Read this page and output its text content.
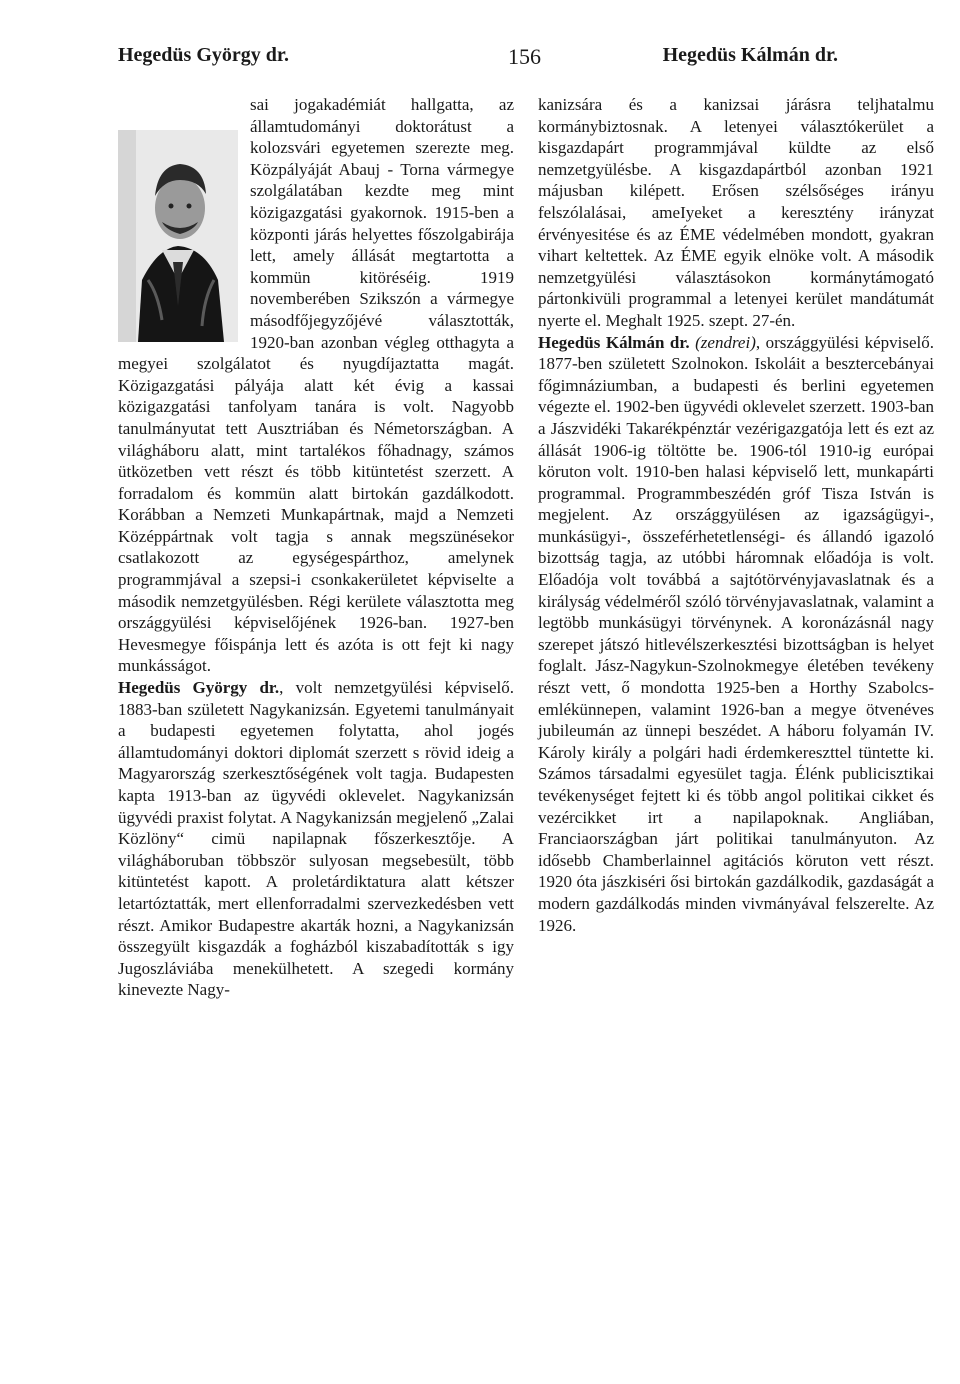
Hegedüs György dr.	156	Hegedüs Kálmán dr.

sai jogakadémiát hallgatta, az államtudományi doktorátust a kolozsvári egyetemen szerezte meg. Közpályáját Abauj - Torna vármegye szolgálatában kezdte meg mint közigazgatási gyakornok. 1915-ben a központi járás helyettes főszolgabirája lett, amely állását megtartotta a kommün kitöréséig. 1919 novemberében Szikszón a vármegye másodfőjegyzőjévé választották, 1920-ban azonban végleg otthagyta a megyei szolgálatot és nyugdíjaztatta magát. Közigazgatási pályája alatt két évig a kassai közigazgatási tanfolyam tanára is volt. Nagyobb tanulmányutat tett Ausztriában és Németországban. A világháboru alatt, mint tartalékos főhadnagy, számos ütközetben vett részt és több kitüntetést szerzett. A forradalom és kommün alatt birtokán gazdálkodott. Korábban a Nemzeti Munkapártnak, majd a Nemzeti Középpártnak volt tagja s annak megszünésekor csatlakozott az egységespárthoz, amelynek programmjával a szepsi-i csonkakerületet képviselte a második nemzetgyülésben. Régi kerülete választotta meg országgyülési képviselőjének 1926-ban. 1927-ben Hevesmegye főispánja lett és azóta is ott fejt ki nagy munkásságot.

Hegedüs György dr., volt nemzetgyülési képviselő. 1883-ban született Nagykanizsán. Egyetemi tanulmányait a budapesti egyetemen folytatta, ahol jogés államtudományi doktori diplomát szerzett s rövid ideig a Magyarország szerkesztőségének volt tagja. Budapesten kapta 1913-ban az ügyvédi oklevelet. Nagykanizsán ügyvédi praxist folytat. A Nagykanizsán megjelenő „Zalai Közlöny“ cimü napilapnak főszerkesztője. A világháboruban többször sulyosan megsebesült, több kitüntetést kapott. A proletárdiktatura alatt kétszer letartóztatták, mert ellenforradalmi szervezkedésben vett részt. Amikor Budapestre akarták hozni, a Nagykanizsán összegyült kisgazdák a fogházból kiszabadították s igy Jugoszláviába menekülhetett. A szegedi kormány kinevezte Nagy-

kanizsára és a kanizsai járásra teljhatalmu kormánybiztosnak. A letenyei választókerület a kisgazdapárt programmjával küldte az első nemzetgyülésbe. A kisgazdapártból azonban 1921 májusban kilépett. Erősen szélsőséges irányu felszólalásai, ameIyeket a keresztény irányzat érvényesitése és az ÉME védelmében mondott, gyakran vihart keltettek. Az ÉME egyik elnöke volt. A második nemzetgyülési választásokon kormánytámogató pártonkivüli programmal a letenyei kerület mandátumát nyerte el. Meghalt 1925. szept. 27-én.

Hegedüs Kálmán dr. (zendrei), országgyülési képviselő. 1877-ben született Szolnokon. Iskoláit a besztercebányai főgimnáziumban, a budapesti és berlini egyetemen végezte el. 1902-ben ügyvédi oklevelet szerzett. 1903-ban a Jászvidéki Takarékpénztár vezérigazgatója lett és ezt az állását 1906-ig töltötte be. 1906-tól 1910-ig európai köruton volt. 1910-ben halasi képviselő lett, munkapárti programmal. Programmbeszédén gróf Tisza István is megjelent. Az országgyülésen az igazságügyi-, munkásügyi-, összeférhetetlenségi- és állandó igazoló bizottság tagja, az utóbbi háromnak előadója is volt. Előadója volt továbbá a sajtótörvényjavaslatnak és a királyság védelméről szóló törvényjavaslatnak, valamint a legtöbb munkásügyi törvénynek. A koronázásnál nagy szerepet játszó hitlevélszerkesztési bizottságban is helyet foglalt. Jász-Nagykun-Szolnokmegye életében tevékeny részt vett, ő mondotta 1925-ben a Horthy Szabolcs-emlékünnepen, valamint 1926-ban a megye ötvenéves jubileumán az ünnepi beszédet. A háboru folyamán IV. Károly király a polgári hadi érdemkereszttel tüntette ki. Számos társadalmi egyesület tagja. Élénk publicisztikai tevékenységet fejtett ki és több angol politikai cikket és vezércikket irt a napilapoknak. Angliában, Franciaországban járt politikai tanulmányuton. Az idősebb Chamberlainnel agitációs köruton vett részt. 1920 óta jászkiséri ősi birtokán gazdálkodik, gazdaságát a modern gazdálkodás minden vivmányával felszerelte. Az 1926.
